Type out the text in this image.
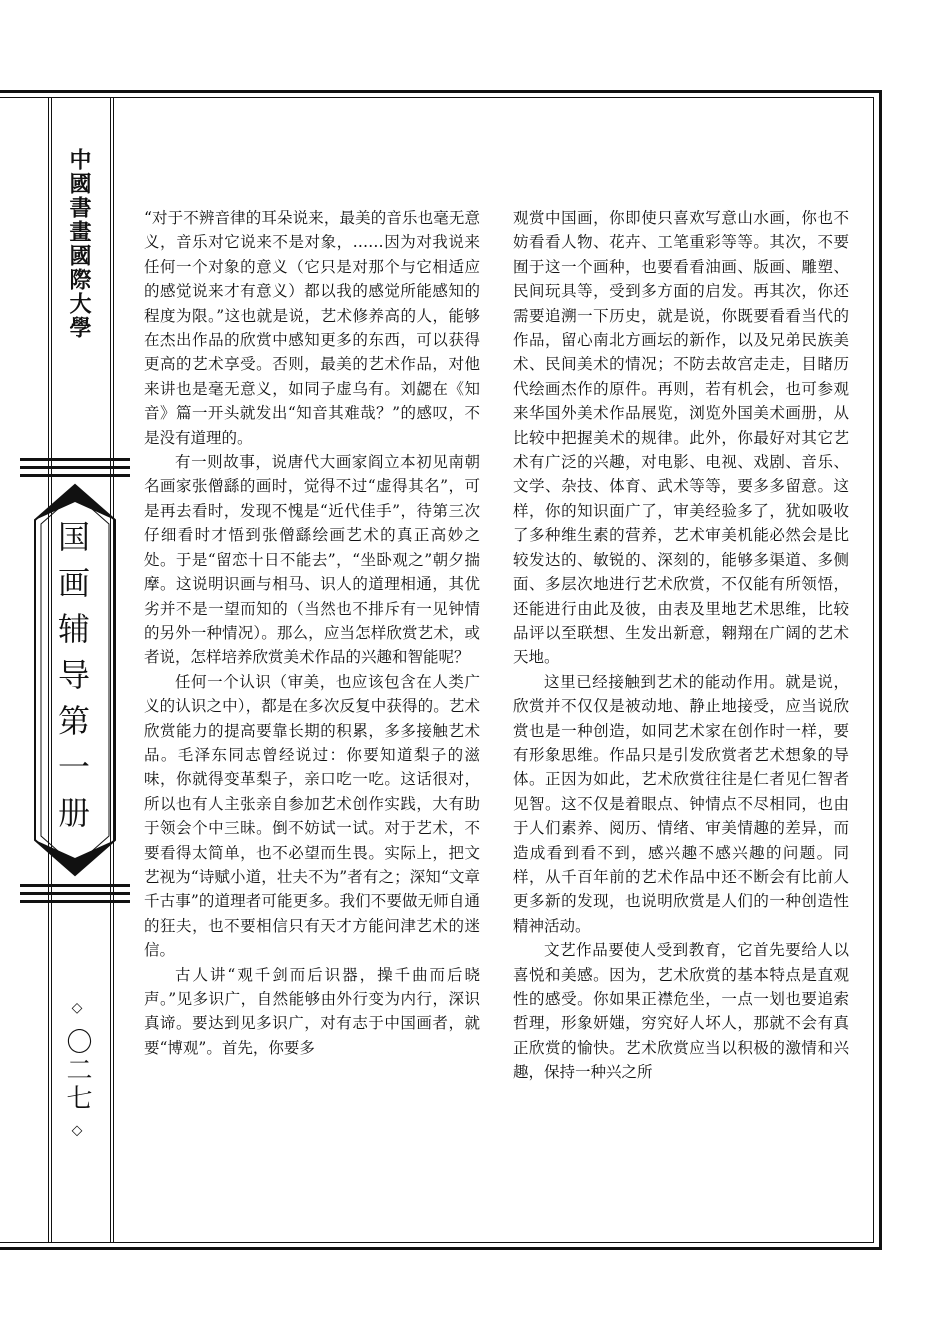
中國書畫國際大學
国画辅导第一册
◇ 〇二七 ◇

“对于不辨音律的耳朵说来，最美的音乐也毫无意义，音乐对它说来不是对象，……因为对我说来任何一个对象的意义（它只是对那个与它相适应的感觉说来才有意义）都以我的感觉所能感知的程度为限。”这也就是说，艺术修养高的人，能够在杰出作品的欣赏中感知更多的东西，可以获得更高的艺术享受。否则，最美的艺术作品，对他来讲也是毫无意义，如同子虚乌有。刘勰在《知音》篇一开头就发出“知音其难哉？”的感叹，不是没有道理的。

有一则故事，说唐代大画家阎立本初见南朝名画家张僧繇的画时，觉得不过“虚得其名”，可是再去看时，发现不愧是“近代佳手”，待第三次仔细看时才悟到张僧繇绘画艺术的真正高妙之处。于是“留恋十日不能去”，“坐卧观之”朝夕揣摩。这说明识画与相马、识人的道理相通，其优劣并不是一望而知的（当然也不排斥有一见钟情的另外一种情况）。那么，应当怎样欣赏艺术，或者说，怎样培养欣赏美术作品的兴趣和智能呢？

任何一个认识（审美，也应该包含在人类广义的认识之中），都是在多次反复中获得的。艺术欣赏能力的提高要靠长期的积累，多多接触艺术品。毛泽东同志曾经说过：你要知道梨子的滋味，你就得变革梨子，亲口吃一吃。这话很对，所以也有人主张亲自参加艺术创作实践，大有助于领会个中三昧。倒不妨试一试。对于艺术，不要看得太简单，也不必望而生畏。实际上，把文艺视为“诗赋小道，壮夫不为”者有之；深知“文章千古事”的道理者可能更多。我们不要做无师自通的狂夫，也不要相信只有天才方能问津艺术的迷信。

古人讲“观千剑而后识器，操千曲而后晓声。”见多识广，自然能够由外行变为内行，深识真谛。要达到见多识广，对有志于中国画者，就要“博观”。首先，你要多

观赏中国画，你即使只喜欢写意山水画，你也不妨看看人物、花卉、工笔重彩等等。其次，不要囿于这一个画种，也要看看油画、版画、雕塑、民间玩具等，受到多方面的启发。再其次，你还需要追溯一下历史，就是说，你既要看看当代的作品，留心南北方画坛的新作，以及兄弟民族美术、民间美术的情况；不防去故宫走走，目睹历代绘画杰作的原件。再则，若有机会，也可参观来华国外美术作品展览，浏览外国美术画册，从比较中把握美术的规律。此外，你最好对其它艺术有广泛的兴趣，对电影、电视、戏剧、音乐、文学、杂技、体育、武术等等，要多多留意。这样，你的知识面广了，审美经验多了，犹如吸收了多种维生素的营养，艺术审美机能必然会是比较发达的、敏锐的、深刻的，能够多渠道、多侧面、多层次地进行艺术欣赏，不仅能有所领悟，还能进行由此及彼，由表及里地艺术思维，比较品评以至联想、生发出新意，翱翔在广阔的艺术天地。

这里已经接触到艺术的能动作用。就是说，欣赏并不仅仅是被动地、静止地接受，应当说欣赏也是一种创造，如同艺术家在创作时一样，要有形象思维。作品只是引发欣赏者艺术想象的导体。正因为如此，艺术欣赏往往是仁者见仁智者见智。这不仅是着眼点、钟情点不尽相同，也由于人们素养、阅历、情绪、审美情趣的差异，而造成看到看不到，感兴趣不感兴趣的问题。同样，从千百年前的艺术作品中还不断会有比前人更多新的发现，也说明欣赏是人们的一种创造性精神活动。

文艺作品要使人受到教育，它首先要给人以喜悦和美感。因为，艺术欣赏的基本特点是直观性的感受。你如果正襟危坐，一点一划也要追索哲理，形象妍媸，穷究好人坏人，那就不会有真正欣赏的愉快。艺术欣赏应当以积极的激情和兴趣，保持一种兴之所
